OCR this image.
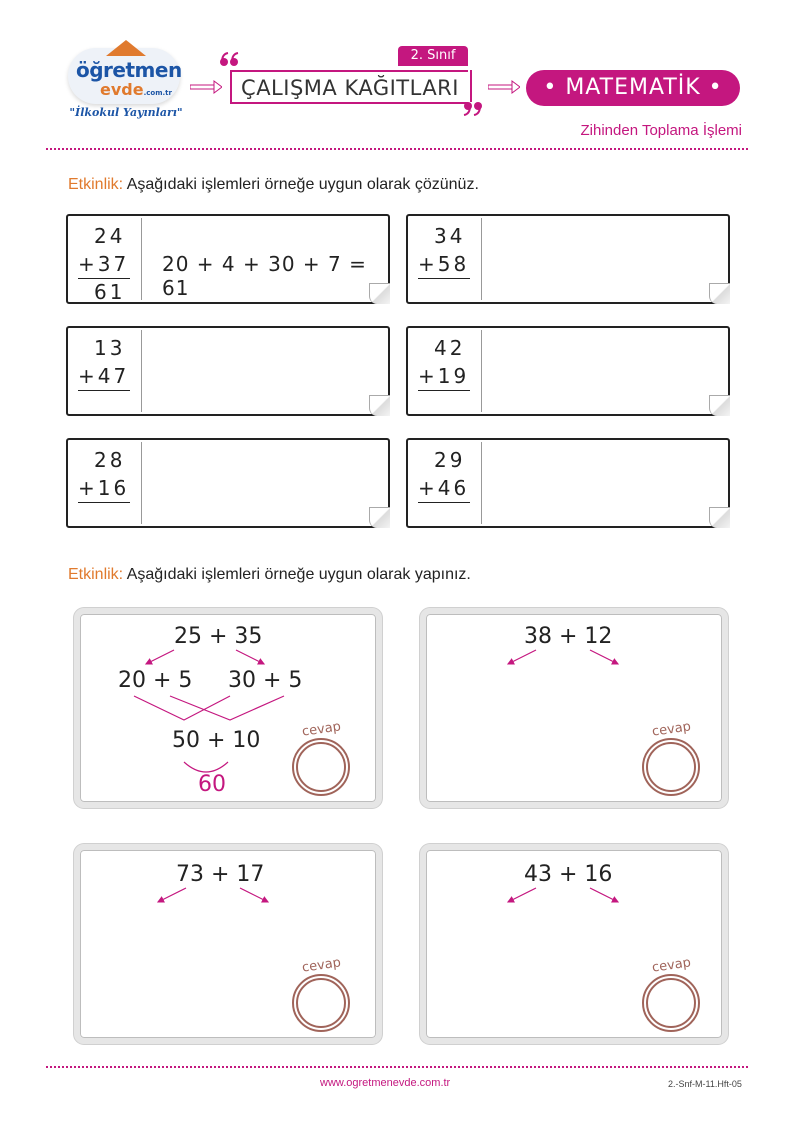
öğretmen
evde.com.tr
"İlkokul Yayınları"
2. Sınıf
ÇALIŞMA KAĞITLARI	• MATEMATİK •
Zihinden Toplama İşlemi
Etkinlik: Aşağıdaki işlemleri örneğe uygun olarak çözünüz.
24
+37
61
20 + 4 + 30 + 7 = 61
34
+58
13
+47
42
+19
28
+16
29
+46
Etkinlik: Aşağıdaki işlemleri örneğe uygun olarak yapınız.
25 + 35
20 + 5 30 + 5
50 + 10
60
cevap
38 + 12
cevap
73 + 17
cevap
43 + 16
cevap
www.ogretmenevde.com.tr	2.-Snf-M-11.Hft-05
